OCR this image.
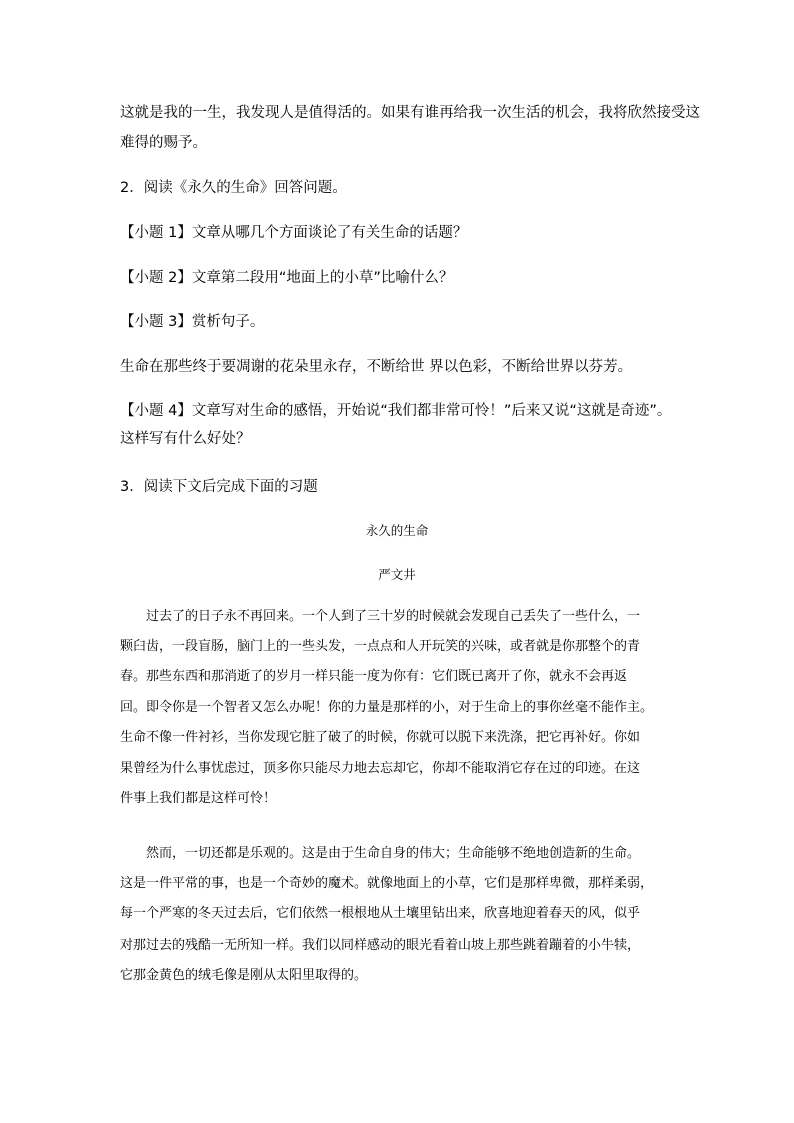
这就是我的一生，我发现人是值得活的。如果有谁再给我一次生活的机会，我将欣然接受这
难得的赐予。
2．阅读《永久的生命》回答问题。
【小题 1】文章从哪几个方面谈论了有关生命的话题？
【小题 2】文章第二段用“地面上的小草”比喻什么？
【小题 3】赏析句子。
生命在那些终于要凋谢的花朵里永存，不断给世 界以色彩，不断给世界以芬芳。
【小题 4】文章写对生命的感悟，开始说“我们都非常可怜！”后来又说“这就是奇迹”。
这样写有什么好处？
3．阅读下文后完成下面的习题
永久的生命
严文井
过去了的日子永不再回来。一个人到了三十岁的时候就会发现自己丢失了一些什么，一
颗臼齿，一段盲肠，脑门上的一些头发，一点点和人开玩笑的兴味，或者就是你那整个的青
春。那些东西和那消逝了的岁月一样只能一度为你有：它们既已离开了你，就永不会再返
回。即令你是一个智者又怎么办呢！你的力量是那样的小，对于生命上的事你丝毫不能作主。
生命不像一件衬衫，当你发现它脏了破了的时候，你就可以脱下来洗涤，把它再补好。你如
果曾经为什么事忧虑过，顶多你只能尽力地去忘却它，你却不能取消它存在过的印迹。在这
件事上我们都是这样可怜！
然而，一切还都是乐观的。这是由于生命自身的伟大；生命能够不绝地创造新的生命。
这是一件平常的事，也是一个奇妙的魔术。就像地面上的小草，它们是那样卑微，那样柔弱，
每一个严寒的冬天过去后，它们依然一根根地从土壤里钻出来，欣喜地迎着春天的风，似乎
对那过去的残酷一无所知一样。我们以同样感动的眼光看着山坡上那些跳着蹦着的小牛犊，
它那金黄色的绒毛像是刚从太阳里取得的。
